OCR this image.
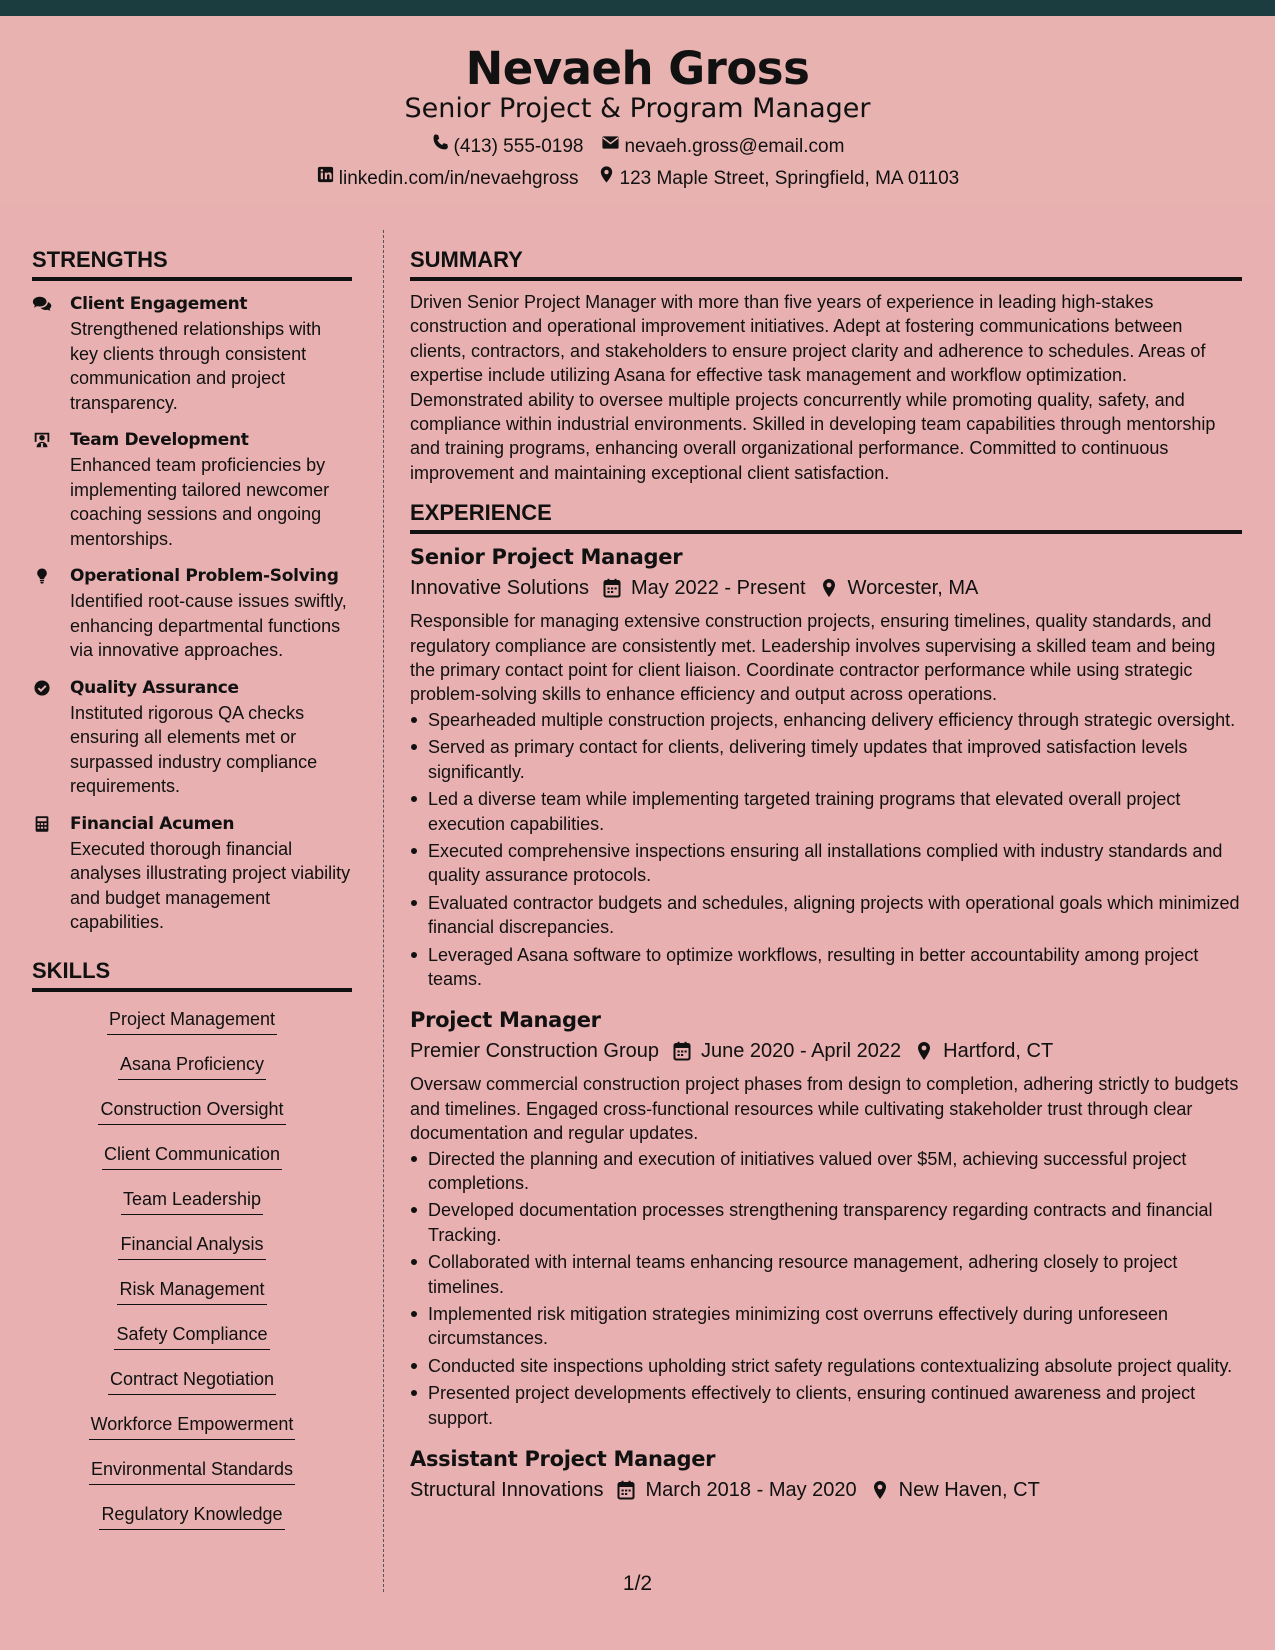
Nevaeh Gross
Senior Project & Program Manager
(413) 555-0198 nevaeh.gross@email.com
linkedin.com/in/nevaehgross 123 Maple Street, Springfield, MA 01103
STRENGTHS
Client Engagement
Strengthened relationships with key clients through consistent communication and project transparency.
Team Development
Enhanced team proficiencies by implementing tailored newcomer coaching sessions and ongoing mentorships.
Operational Problem-Solving
Identified root-cause issues swiftly, enhancing departmental functions via innovative approaches.
Quality Assurance
Instituted rigorous QA checks ensuring all elements met or surpassed industry compliance requirements.
Financial Acumen
Executed thorough financial analyses illustrating project viability and budget management capabilities.
SKILLS
Project Management
Asana Proficiency
Construction Oversight
Client Communication
Team Leadership
Financial Analysis
Risk Management
Safety Compliance
Contract Negotiation
Workforce Empowerment
Environmental Standards
Regulatory Knowledge
SUMMARY

Driven Senior Project Manager with more than five years of experience in leading high-stakes construction and operational improvement initiatives. Adept at fostering communications between clients, contractors, and stakeholders to ensure project clarity and adherence to schedules. Areas of expertise include utilizing Asana for effective task management and workflow optimization. Demonstrated ability to oversee multiple projects concurrently while promoting quality, safety, and compliance within industrial environments. Skilled in developing team capabilities through mentorship and training programs, enhancing overall organizational performance. Committed to continuous improvement and maintaining exceptional client satisfaction.

EXPERIENCE
Senior Project Manager
Innovative Solutions May 2022 - Present Worcester, MA

Responsible for managing extensive construction projects, ensuring timelines, quality standards, and regulatory compliance are consistently met. Leadership involves supervising a skilled team and being the primary contact point for client liaison. Coordinate contractor performance while using strategic problem-solving skills to enhance efficiency and output across operations.

Spearheaded multiple construction projects, enhancing delivery efficiency through strategic oversight.
Served as primary contact for clients, delivering timely updates that improved satisfaction levels significantly.
Led a diverse team while implementing targeted training programs that elevated overall project execution capabilities.
Executed comprehensive inspections ensuring all installations complied with industry standards and quality assurance protocols.
Evaluated contractor budgets and schedules, aligning projects with operational goals which minimized financial discrepancies.
Leveraged Asana software to optimize workflows, resulting in better accountability among project teams.
Project Manager
Premier Construction Group June 2020 - April 2022 Hartford, CT

Oversaw commercial construction project phases from design to completion, adhering strictly to budgets and timelines. Engaged cross-functional resources while cultivating stakeholder trust through clear documentation and regular updates.

Directed the planning and execution of initiatives valued over $5M, achieving successful project completions.
Developed documentation processes strengthening transparency regarding contracts and financial Tracking.
Collaborated with internal teams enhancing resource management, adhering closely to project timelines.
Implemented risk mitigation strategies minimizing cost overruns effectively during unforeseen circumstances.
Conducted site inspections upholding strict safety regulations contextualizing absolute project quality.
Presented project developments effectively to clients, ensuring continued awareness and project support.
Assistant Project Manager
Structural Innovations March 2018 - May 2020 New Haven, CT
1/2
